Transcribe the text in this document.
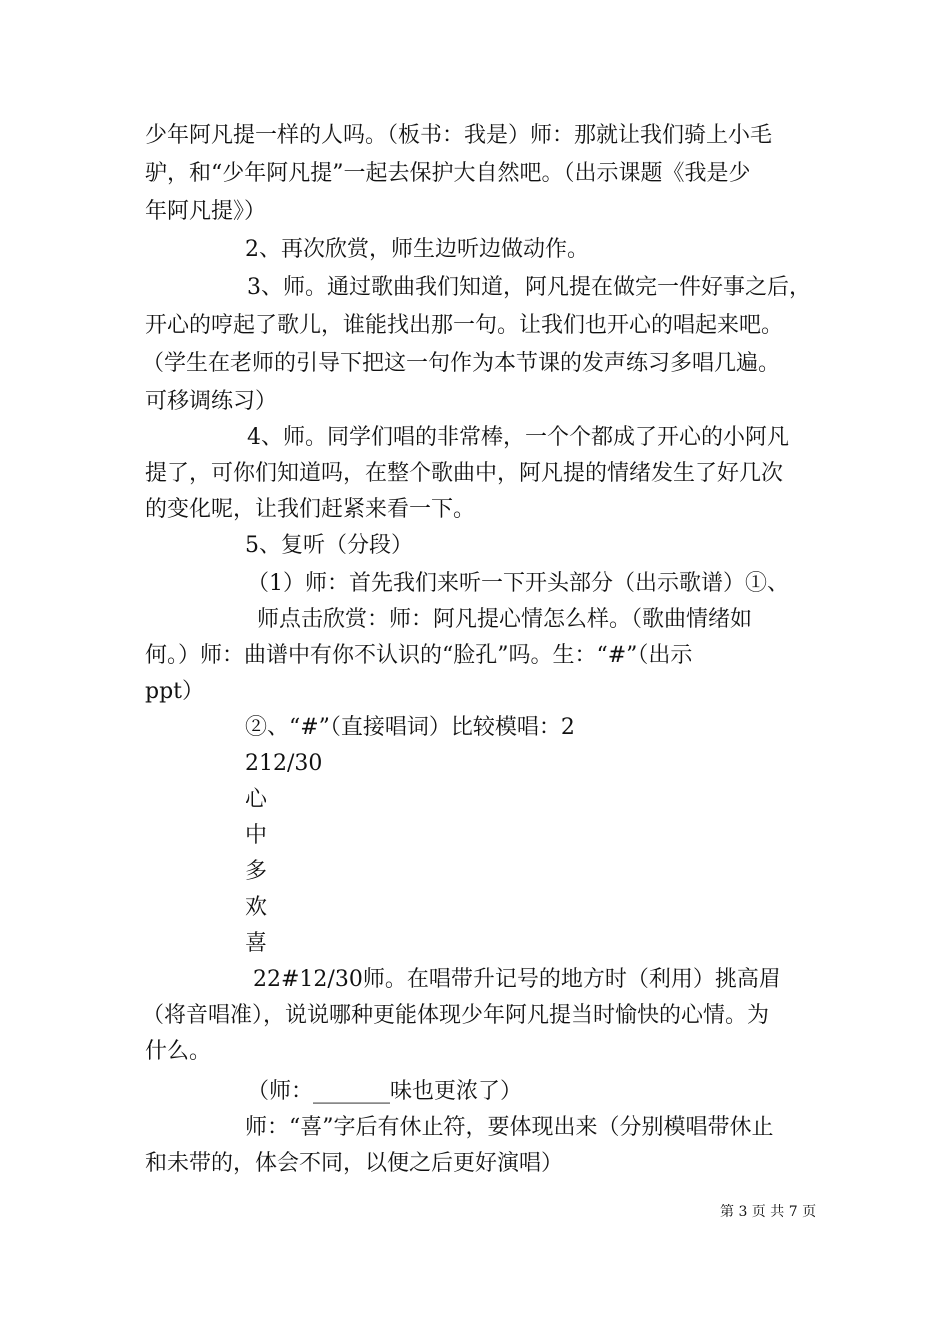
少年阿凡提一样的人吗。（板书：我是）师：那就让我们骑上小毛
驴，和“少年阿凡提”一起去保护大自然吧。（出示课题《我是少
年阿凡提》）
2、再次欣赏，师生边听边做动作。
3、师。通过歌曲我们知道，阿凡提在做完一件好事之后，
开心的哼起了歌儿，谁能找出那一句。让我们也开心的唱起来吧。
（学生在老师的引导下把这一句作为本节课的发声练习多唱几遍。
可移调练习）
4、师。同学们唱的非常棒，一个个都成了开心的小阿凡
提了，可你们知道吗，在整个歌曲中，阿凡提的情绪发生了好几次
的变化呢，让我们赶紧来看一下。
5、复听（分段）
（1）师：首先我们来听一下开头部分（出示歌谱）①、
师点击欣赏：师：阿凡提心情怎么样。（歌曲情绪如
何。）师：曲谱中有你不认识的“脸孔”吗。生：“#”（出示
ppt）
②、“#”（直接唱词）比较模唱：2
212/30
心
中
多
欢
喜
22#12/30师。在唱带升记号的地方时（利用）挑高眉
（将音唱准），说说哪种更能体现少年阿凡提当时愉快的心情。为
什么。
（师：_______味也更浓了）
师：“喜”字后有休止符，要体现出来（分别模唱带休止
和未带的，体会不同，以便之后更好演唱）
第 3 页 共 7 页
